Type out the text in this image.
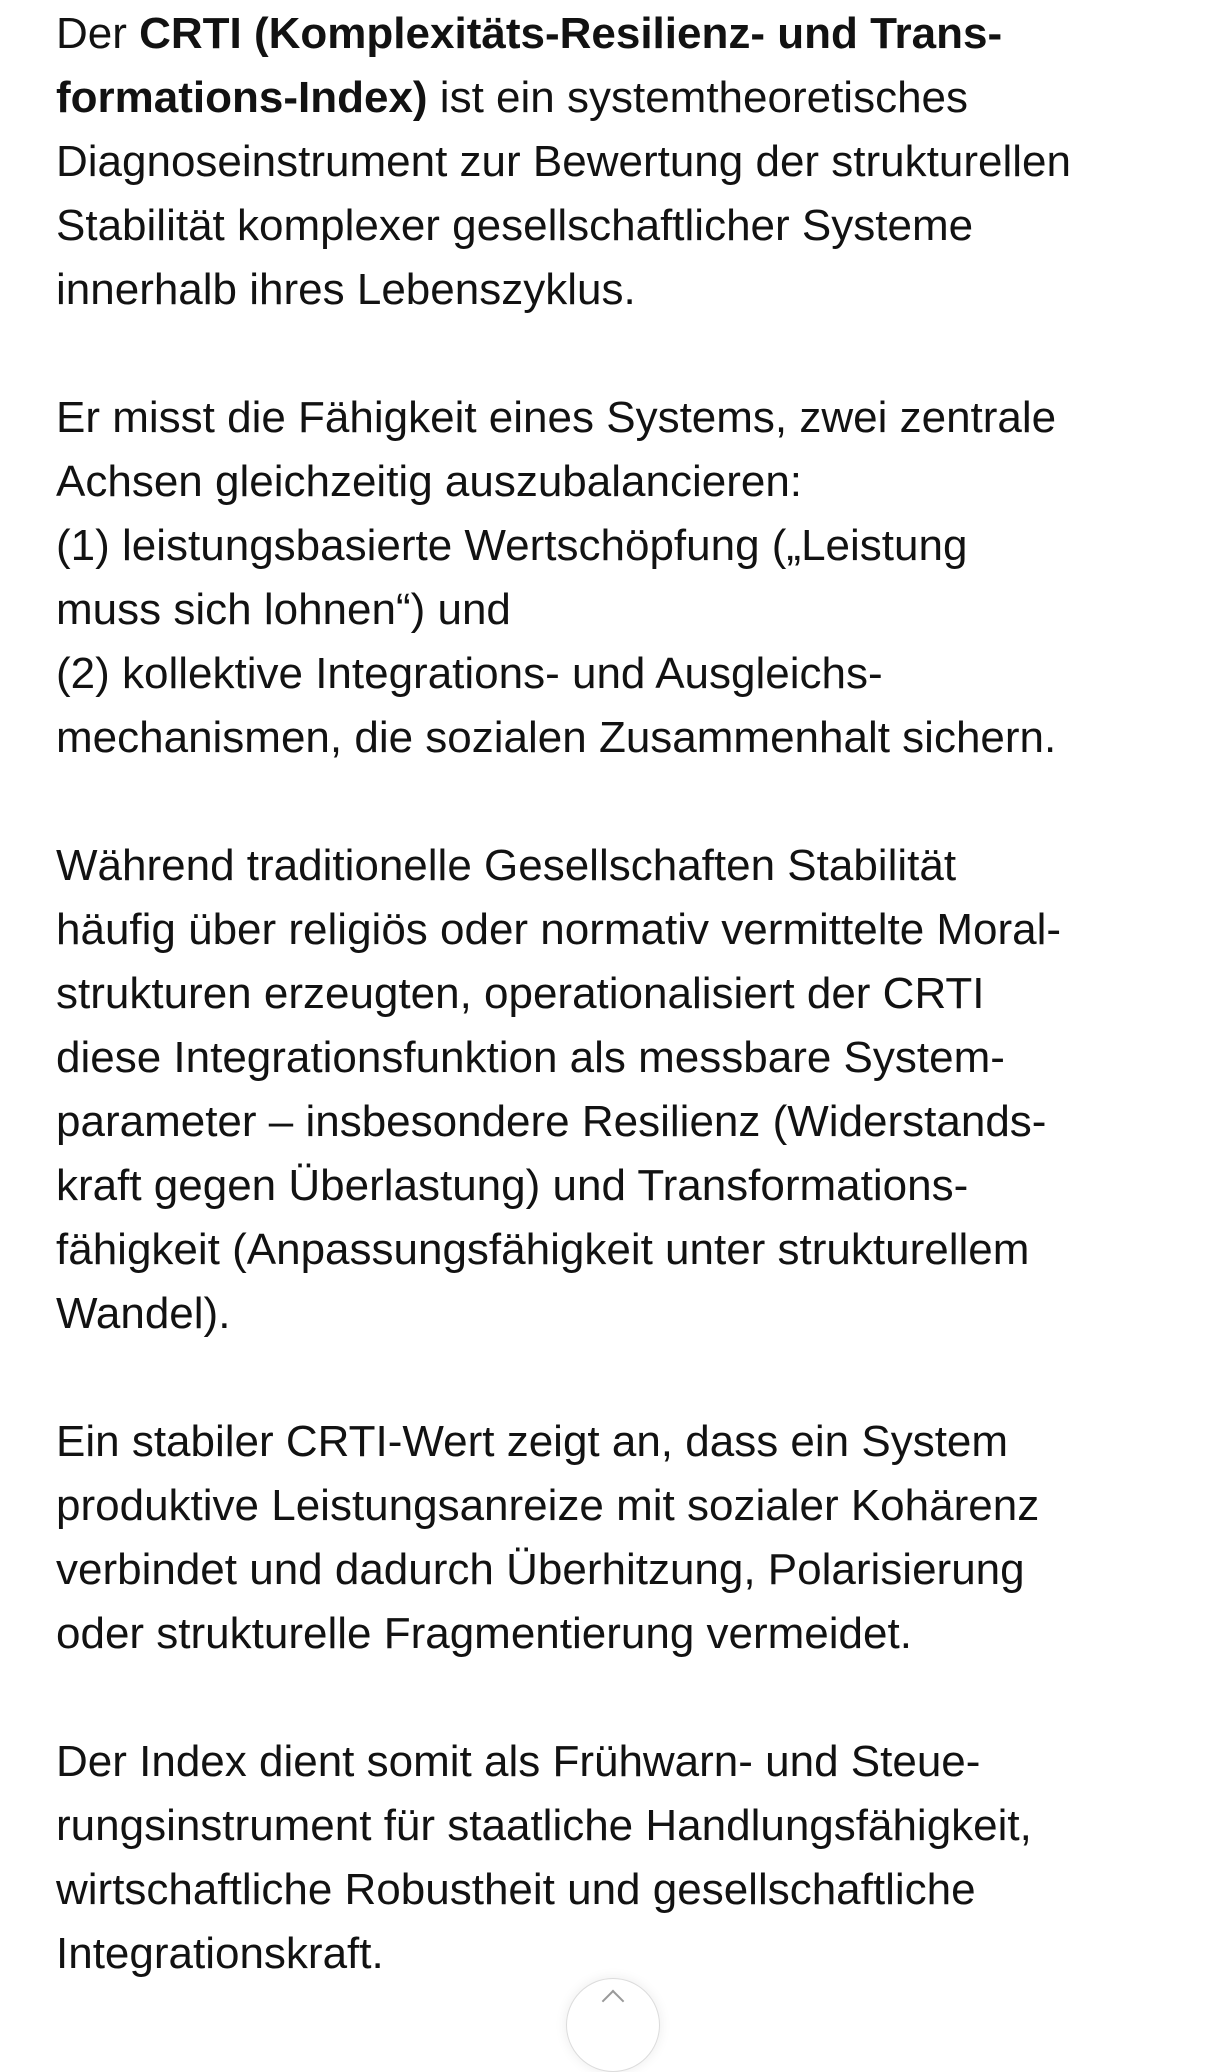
Der CRTI (Komplexitäts-Resilienz- und Trans-
formations-Index) ist ein systemtheoretisches
Diagnoseinstrument zur Bewertung der strukturellen
Stabilität komplexer gesellschaftlicher Systeme
innerhalb ihres Lebenszyklus.
Er misst die Fähigkeit eines Systems, zwei zentrale
Achsen gleichzeitig auszubalancieren:
(1) leistungsbasierte Wertschöpfung („Leistung
muss sich lohnen“) und
(2) kollektive Integrations- und Ausgleichs-
mechanismen, die sozialen Zusammenhalt sichern.
Während traditionelle Gesellschaften Stabilität
häufig über religiös oder normativ vermittelte Moral-
strukturen erzeugten, operationalisiert der CRTI
diese Integrationsfunktion als messbare System-
parameter – insbesondere Resilienz (Widerstands-
kraft gegen Überlastung) und Transformations-
fähigkeit (Anpassungsfähigkeit unter strukturellem
Wandel).
Ein stabiler CRTI-Wert zeigt an, dass ein System
produktive Leistungsanreize mit sozialer Kohärenz
verbindet und dadurch Überhitzung, Polarisierung
oder strukturelle Fragmentierung vermeidet.
Der Index dient somit als Frühwarn- und Steue-
rungsinstrument für staatliche Handlungsfähigkeit,
wirtschaftliche Robustheit und gesellschaftliche
Integrationskraft.
